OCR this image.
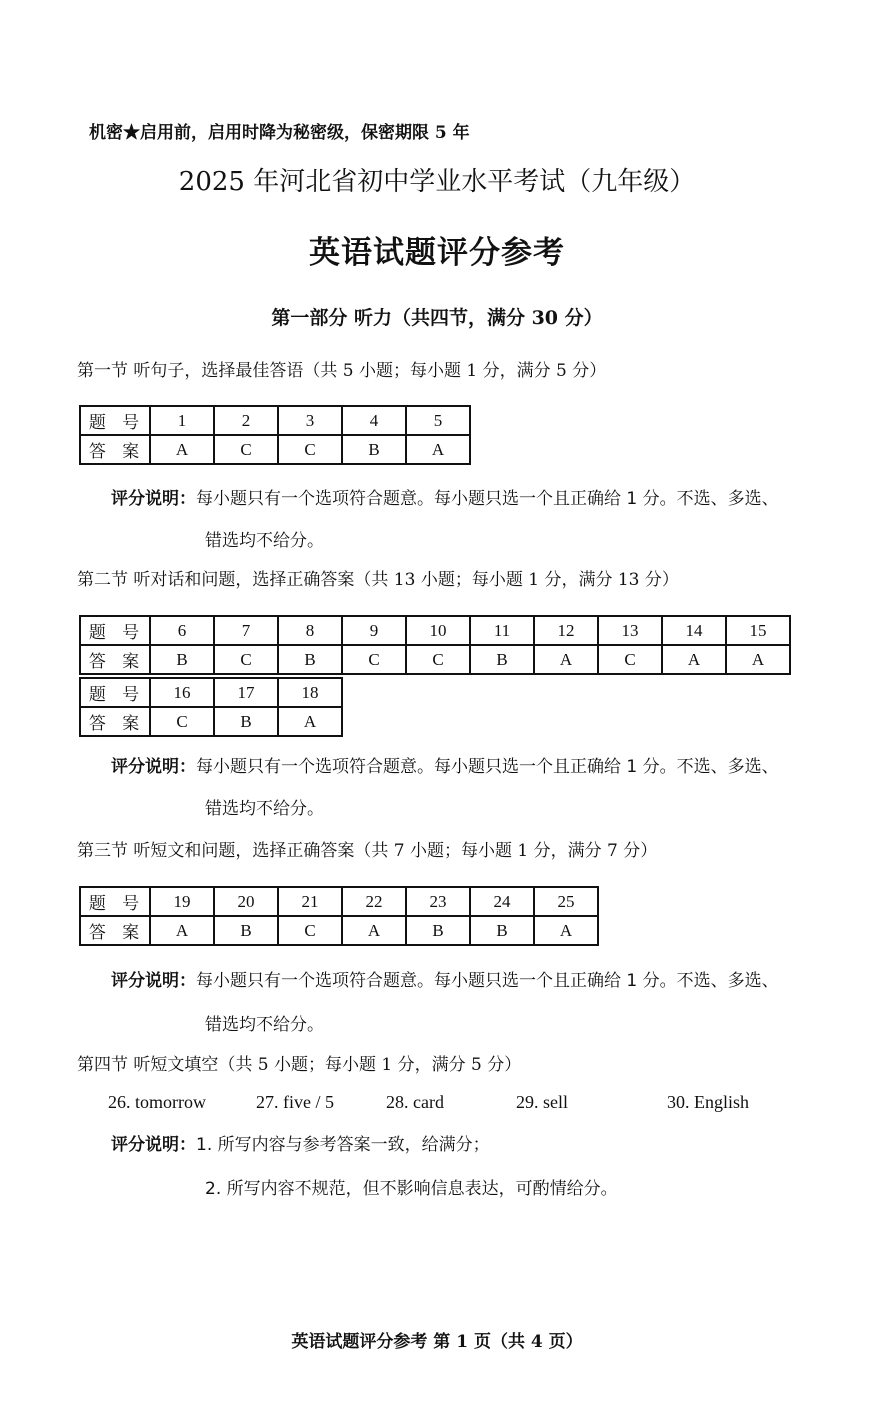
机密★启用前，启用时降为秘密级，保密期限 5 年
2025 年河北省初中学业水平考试（九年级）
英语试题评分参考
第一部分 听力（共四节，满分 30 分）
第一节 听句子，选择最佳答语（共 5 小题；每小题 1 分，满分 5 分）
题 号	1	2	3	4	5
答 案	A	C	C	B	A
评分说明：每小题只有一个选项符合题意。每小题只选一个且正确给 1 分。不选、多选、
错选均不给分。
第二节 听对话和问题，选择正确答案（共 13 小题；每小题 1 分，满分 13 分）
题 号	6	7	8	9	10	11	12	13	14	15
答 案	B	C	B	C	C	B	A	C	A	A
题 号	16	17	18
答 案	C	B	A
评分说明：每小题只有一个选项符合题意。每小题只选一个且正确给 1 分。不选、多选、
错选均不给分。
第三节 听短文和问题，选择正确答案（共 7 小题；每小题 1 分，满分 7 分）
题 号	19	20	21	22	23	24	25
答 案	A	B	C	A	B	B	A
评分说明：每小题只有一个选项符合题意。每小题只选一个且正确给 1 分。不选、多选、
错选均不给分。
第四节 听短文填空（共 5 小题；每小题 1 分，满分 5 分）
26. tomorrow	27. five / 5	28. card	29. sell	30. English
评分说明：1. 所写内容与参考答案一致，给满分；
2. 所写内容不规范，但不影响信息表达，可酌情给分。
英语试题评分参考 第 1 页（共 4 页）
